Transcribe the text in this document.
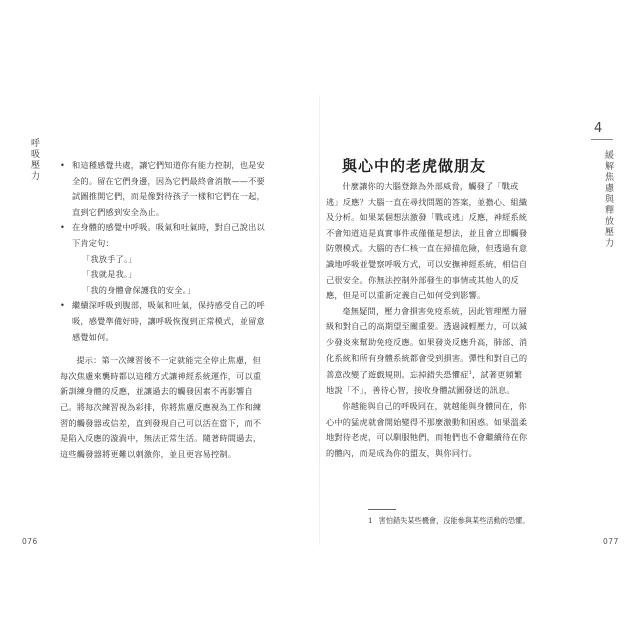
呼吸壓力	• 和這種感覺共處，讓它們知道你有能力控制，也是安
全的。留在它們身邊，因為它們最終會消散——不要
試圖推開它們，而是像對待孩子一樣和它們在一起，
直到它們感到安全為止。
• 在身體的感覺中呼吸。吸氣和吐氣時，對自己說出以
下肯定句：
「我放手了。」
「我就是我。」
「我的身體會保護我的安全。」
• 繼續深呼吸到腹部，吸氣和吐氣，保持感受自己的呼
吸，感覺準備好時，讓呼吸恢復到正常模式，並留意
感覺如何。
提示：第一次練習後不一定就能完全停止焦慮，但
每次焦慮來襲時都以這種方式讓神經系統運作，可以重
新訓練身體的反應，並讓過去的觸發因素不再影響自
己。將每次練習視為彩排，你將焦慮反應視為工作和練
習的觸發器或信差，直到發現自己可以活在當下，而不
是陷入反應的漩渦中，無法正常生活。隨著時間過去，
這些觸發器將更難以刺激你，並且更容易控制。
076
4
緩解焦慮與釋放壓力
與心中的老虎做朋友
什麼讓你的大腦登錄為外部威脅，觸發了「戰或
逃」反應？大腦一直在尋找問題的答案，並擔心、組織
及分析。如果某個想法激發「戰或逃」反應，神經系統
不會知道這是真實事件或僅僅是想法，並且會立即觸發
防禦模式。大腦的杏仁核一直在掃描危險，但透過有意
識地呼吸並覺察呼吸方式，可以安撫神經系統，相信自
己很安全。你無法控制外部發生的事情或其他人的反
應，但是可以重新定義自己如何受到影響。
毫無疑問，壓力會損害免疫系統，因此管理壓力層
級和對自己的高期望至關重要。透過減輕壓力，可以減
少發炎來幫助免疫反應。如果發炎反應升高，肺部、消
化系統和所有身體系統都會受到損害。彈性和對自己的
善意改變了遊戲規則。忘掉錯失恐懼症$^1$，試著更頻繁
地說「不」，善待心智，接收身體試圖發送的訊息。
你越能與自己的呼吸同在，就越能與身體同在，你
心中的猛虎就會開始變得不那麼激動和困惑。如果溫柔
地對待老虎，可以馴服牠們，而牠們也不會繼續待在你
的體內，而是成為你的盟友，與你同行。
1 害怕錯失某些機會，沒能參與某些活動的恐懼。
077
